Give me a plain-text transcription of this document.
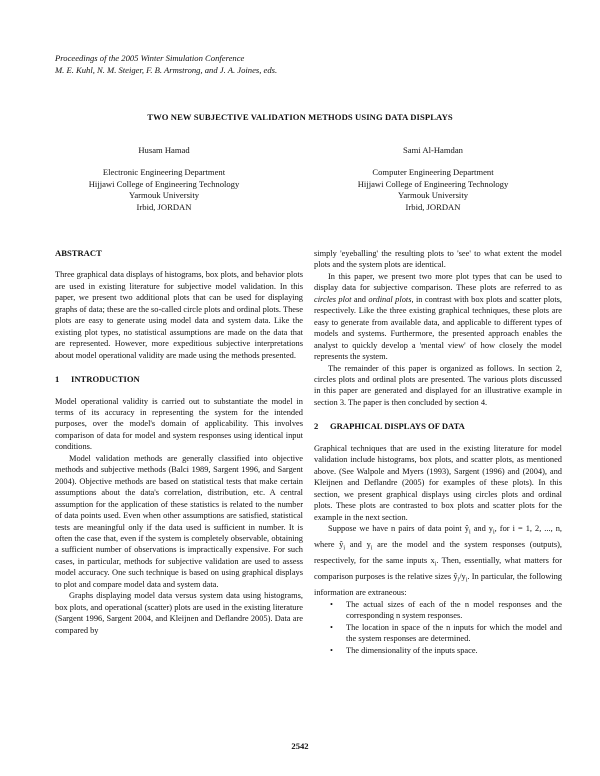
Proceedings of the 2005 Winter Simulation Conference
M. E. Kuhl, N. M. Steiger, F. B. Armstrong, and J. A. Joines, eds.
TWO NEW SUBJECTIVE VALIDATION METHODS USING DATA DISPLAYS
Husam Hamad
Electronic Engineering Department
Hijjawi College of Engineering Technology
Yarmouk University
Irbid, JORDAN
Sami Al-Hamdan
Computer Engineering Department
Hijjawi College of Engineering Technology
Yarmouk University
Irbid, JORDAN
ABSTRACT

Three graphical data displays of histograms, box plots, and behavior plots are used in existing literature for subjective model validation. In this paper, we present two additional plots that can be used for displaying graphs of data; these are the so-called circle plots and ordinal plots. These plots are easy to generate using model data and system data. Like the existing plot types, no statistical assumptions are made on the data that are represented. However, more expeditious subjective interpretations about model operational validity are made using the methods presented.

1 INTRODUCTION

Model operational validity is carried out to substantiate the model in terms of its accuracy in representing the system for the intended purposes, over the model's domain of applicability. This involves comparison of data for model and system responses using identical input conditions.

Model validation methods are generally classified into objective methods and subjective methods (Balci 1989, Sargent 1996, and Sargent 2004). Objective methods are based on statistical tests that make certain assumptions about the data's correlation, distribution, etc. A central assumption for the application of these statistics is related to the number of data points used. Even when other assumptions are satisfied, statistical tests are meaningful only if the data used is sufficient in number. It is often the case that, even if the system is completely observable, obtaining a sufficient number of observations is impractically expensive. For such cases, in particular, methods for subjective validation are used to assess model accuracy. One such technique is based on using graphical displays to plot and compare model data and system data.

Graphs displaying model data versus system data using histograms, box plots, and operational (scatter) plots are used in the existing literature (Sargent 1996, Sargent 2004, and Kleijnen and Deflandre 2005). Data are compared by

simply 'eyeballing' the resulting plots to 'see' to what extent the model plots and the system plots are identical.

In this paper, we present two more plot types that can be used to display data for subjective comparison. These plots are referred to as circles plot and ordinal plots, in contrast with box plots and scatter plots, respectively. Like the three existing graphical techniques, these plots are easy to generate from available data, and applicable to different types of models and systems. Furthermore, the presented approach enables the analyst to quickly develop a 'mental view' of how closely the model represents the system.

The remainder of this paper is organized as follows. In section 2, circles plots and ordinal plots are presented. The various plots discussed in this paper are generated and displayed for an illustrative example in section 3. The paper is then concluded by section 4.

2 GRAPHICAL DISPLAYS OF DATA

Graphical techniques that are used in the existing literature for model validation include histograms, box plots, and scatter plots, as mentioned above. (See Walpole and Myers (1993), Sargent (1996) and (2004), and Kleijnen and Deflandre (2005) for examples of these plots). In this section, we present graphical displays using circles plots and ordinal plots. These plots are contrasted to box plots and scatter plots for the example in the next section.

Suppose we have n pairs of data point $ŷ_i$ and $y_i$, for i = 1, 2, ..., n, where $ŷ_i$ and $y_i$ are the model and the system responses (outputs), respectively, for the same inputs $x_i$. Then, essentially, what matters for comparison purposes is the relative sizes $ŷ_i/y_i$. In particular, the following information are extraneous:

• The actual sizes of each of the n model responses and the corresponding n system responses.
• The location in space of the n inputs for which the model and the system responses are determined.
• The dimensionality of the inputs space.
2542
